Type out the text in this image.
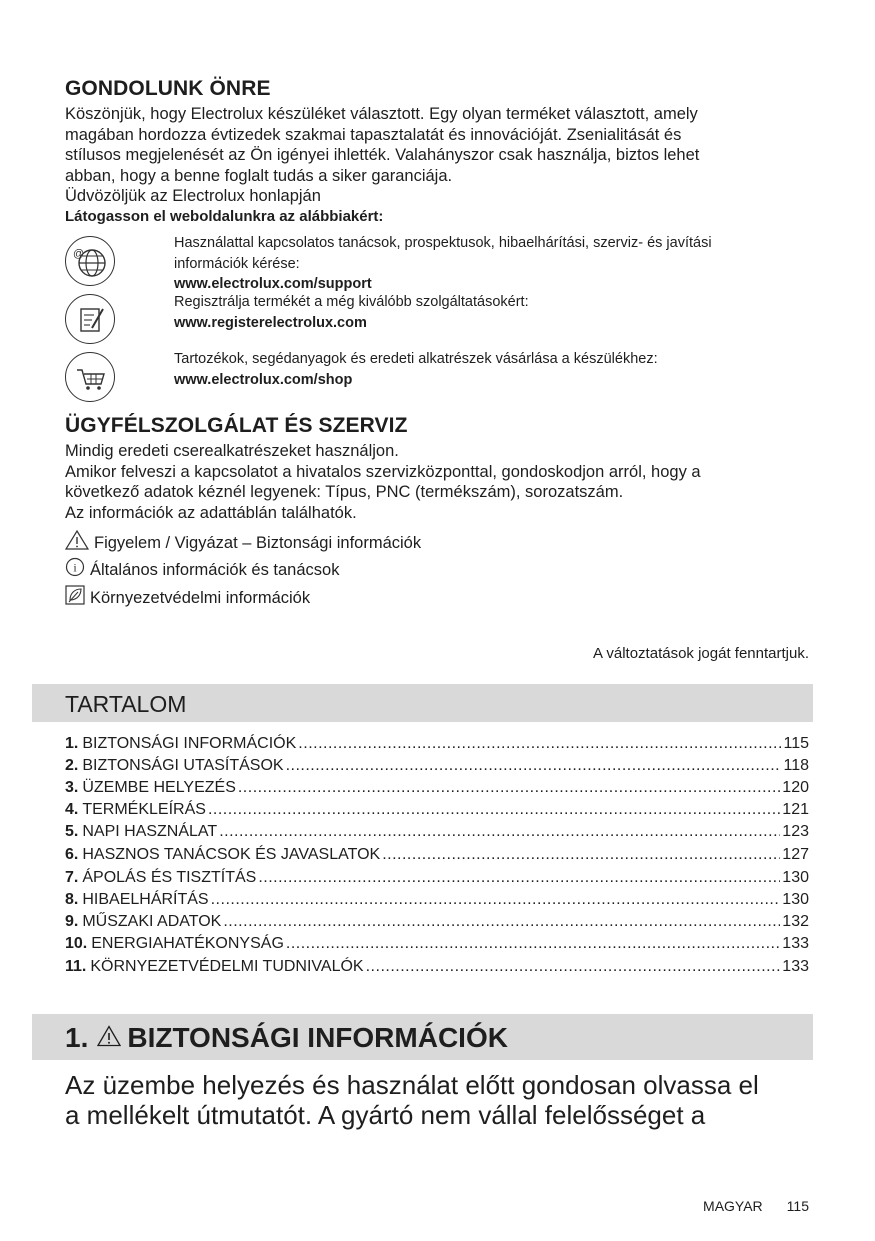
GONDOLUNK ÖNRE
Köszönjük, hogy Electrolux készüléket választott. Egy olyan terméket választott, amely
magában hordozza évtizedek szakmai tapasztalatát és innovációját. Zsenialitását és
stílusos megjelenését az Ön igényei ihlették. Valahányszor csak használja, biztos lehet
abban, hogy a benne foglalt tudás a siker garanciája.
Üdvözöljük az Electrolux honlapján
Látogasson el weboldalunkra az alábbiakért:
@
Használattal kapcsolatos tanácsok, prospektusok, hibaelhárítási, szerviz- és javítási
információk kérése:
www.electrolux.com/support
Regisztrálja termékét a még kiválóbb szolgáltatásokért:
www.registerelectrolux.com
Tartozékok, segédanyagok és eredeti alkatrészek vásárlása a készülékhez:
www.electrolux.com/shop
ÜGYFÉLSZOLGÁLAT ÉS SZERVIZ
Mindig eredeti cserealkatrészeket használjon.
Amikor felveszi a kapcsolatot a hivatalos szervizközponttal, gondoskodjon arról, hogy a
következő adatok kéznél legyenek: Típus, PNC (termékszám), sorozatszám.
Az információk az adattáblán találhatók.
Figyelem / Vigyázat – Biztonsági információk
i Általános információk és tanácsok
Környezetvédelmi információk
A változtatások jogát fenntartjuk.
TARTALOM
1. BIZTONSÁGI INFORMÁCIÓK .....	115
2. BIZTONSÁGI UTASÍTÁSOK .....	118
3. ÜZEMBE HELYEZÉS .....	120
4. TERMÉKLEÍRÁS .....	121
5. NAPI HASZNÁLAT .....	123
6. HASZNOS TANÁCSOK ÉS JAVASLATOK .....	127
7. ÁPOLÁS ÉS TISZTÍTÁS .....	130
8. HIBAELHÁRÍTÁS .....	130
9. MŰSZAKI ADATOK .....	132
10. ENERGIAHATÉKONYSÁG .....	133
11. KÖRNYEZETVÉDELMI TUDNIVALÓK .....	133
1. BIZTONSÁGI INFORMÁCIÓK
Az üzembe helyezés és használat előtt gondosan olvassa el
a mellékelt útmutatót. A gyártó nem vállal felelősséget a
MAGYAR 115
